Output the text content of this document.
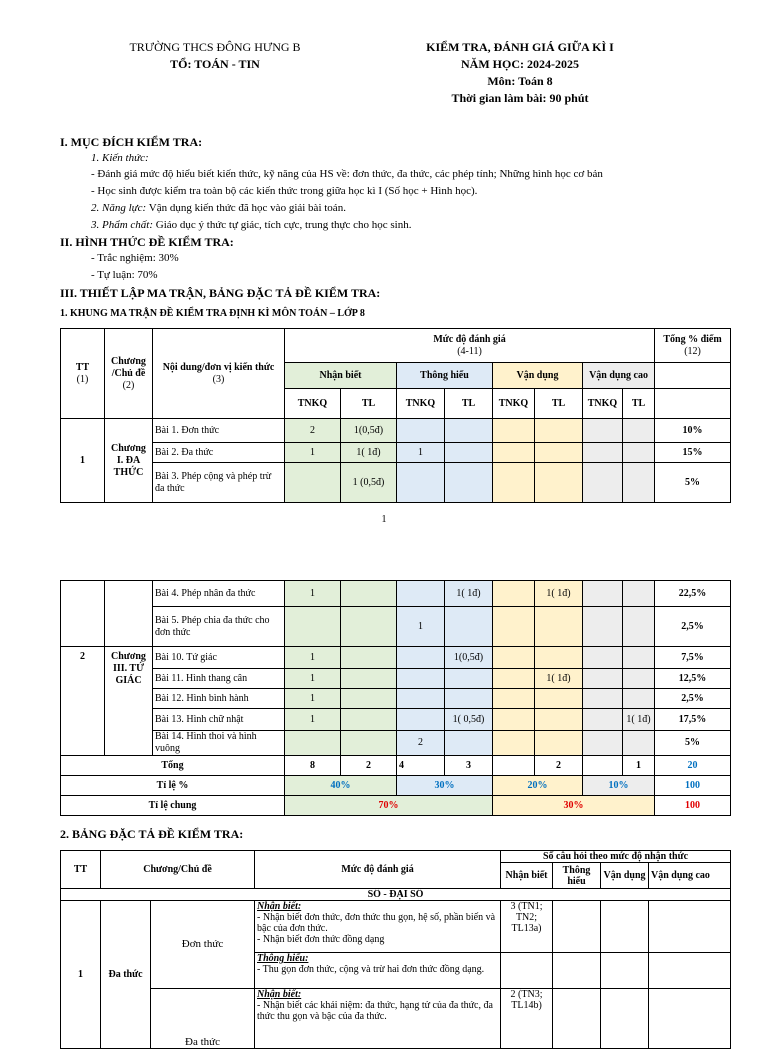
TRƯỜNG THCS ĐÔNG HƯNG B
TỔ: TOÁN - TIN
KIỂM TRA, ĐÁNH GIÁ GIỮA KÌ I
NĂM HỌC: 2024-2025
Môn: Toán 8
Thời gian làm bài: 90 phút
I. MỤC ĐÍCH KIỂM TRA:
1. Kiến thức:
- Đánh giá mức độ hiểu biết kiến thức, kỹ năng của HS về: đơn thức, đa thức, các phép tính; Những hình học cơ bản
- Học sinh được kiểm tra toàn bộ các kiến thức trong giữa học kì I (Số học + Hình học).
2. Năng lực: Vận dụng kiến thức đã học vào giải bài toán.
3. Phẩm chất: Giáo dục ý thức tự giác, tích cực, trung thực cho học sinh.
II. HÌNH THỨC ĐỀ KIỂM TRA:
- Trắc nghiệm: 30%
- Tự luận: 70%
III. THIẾT LẬP MA TRẬN, BẢNG ĐẶC TẢ ĐỀ KIỂM TRA:
1. KHUNG MA TRẬN ĐỀ KIỂM TRA ĐỊNH KÌ MÔN TOÁN – LỚP 8
TT
(1)	Chương /Chủ đề
(2)	Nội dung/đơn vị kiến thức
(3)	Mức độ đánh giá
(4-11)								Tổng % điểm
(12)
			Nhận biết		Thông hiểu		Vận dụng		Vận dụng cao		
			TNKQ	TL	TNKQ	TL	TNKQ	TL	TNKQ	TL	
1	Chương I. ĐA THỨC	Bài 1. Đơn thức	2	1(0,5đ)							10%
		Bài 2. Đa thức	1	1( 1đ)	1						15%
		Bài 3. Phép cộng và phép trừ đa thức		1 (0,5đ)							5%
1
		Bài 4. Phép nhân đa thức	1			1( 1đ)		1( 1đ)			22,5%
		Bài 5. Phép chia đa thức cho đơn thức			1						2,5%
2	Chương III. TỨ GIÁC	Bài 10. Tứ giác	1			1(0,5đ)					7,5%
		Bài 11. Hình thang cân	1					1( 1đ)			12,5%
		Bài 12. Hình bình hành	1								2,5%
		Bài 13. Hình chữ nhật	1			1( 0,5đ)				1( 1đ)	17,5%
		Bài 14. Hình thoi và hình vuông			2						5%
Tổng			8	2	4	3		2		1	20
Tỉ lệ %			40%		30%		20%		10%		100
Tỉ lệ chung			70%				30%				100
2. BẢNG ĐẶC TẢ ĐỀ KIỂM TRA:
TT	Chương/Chủ đề		Mức độ đánh giá	Số câu hỏi theo mức độ nhận thức			
				Nhận biết	Thông hiểu	Vận dụng	Vận dụng cao
SỐ - ĐẠI SỐ							
1	Đa thức	Đơn thức	Nhận biết:
- Nhận biết đơn thức, đơn thức thu gọn, hệ số, phần biến và bậc của đơn thức.
- Nhận biết đơn thức đồng dạng	3 (TN1; TN2; TL13a)			
			Thông hiểu:
- Thu gọn đơn thức, cộng và trừ hai đơn thức đồng dạng.				
		Đa thức	Nhận biết:
- Nhận biết các khái niệm: đa thức, hạng tử của đa thức, đa thức thu gọn và bậc của đa thức.	2 (TN3; TL14b)			
